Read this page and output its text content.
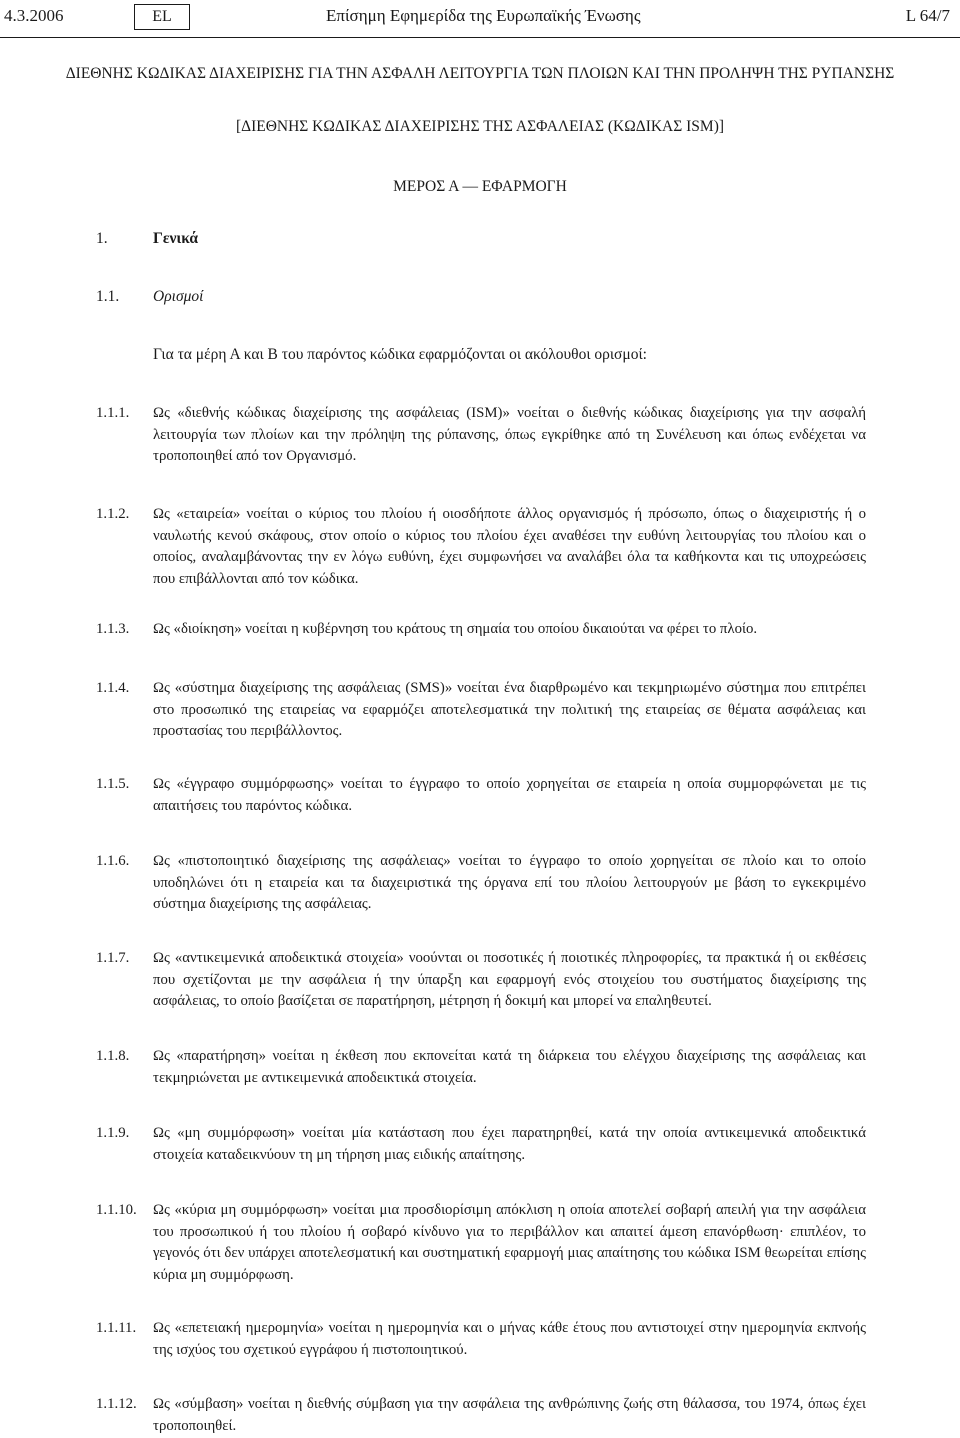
4.3.2006	EL	Επίσημη Εφημερίδα της Ευρωπαϊκής Ένωσης	L 64/7
ΔΙΕΘΝΗΣ ΚΩΔΙΚΑΣ ΔΙΑΧΕΙΡΙΣΗΣ ΓΙΑ ΤΗΝ ΑΣΦΑΛΗ ΛΕΙΤΟΥΡΓΙΑ ΤΩΝ ΠΛΟΙΩΝ ΚΑΙ ΤΗΝ ΠΡΟΛΗΨΗ ΤΗΣ ΡΥΠΑΝΣΗΣ
[ΔΙΕΘΝΗΣ ΚΩΔΙΚΑΣ ΔΙΑΧΕΙΡΙΣΗΣ ΤΗΣ ΑΣΦΑΛΕΙΑΣ (ΚΩΔΙΚΑΣ ISM)]
ΜΕΡΟΣ Α — ΕΦΑΡΜΟΓΗ
1.	Γενικά
1.1. Ορισμοί
Για τα μέρη Α και Β του παρόντος κώδικα εφαρμόζονται οι ακόλουθοι ορισμοί:
1.1.1. Ως «διεθνής κώδικας διαχείρισης της ασφάλειας (ISM)» νοείται ο διεθνής κώδικας διαχείρισης για την ασφαλή λειτουργία των πλοίων και την πρόληψη της ρύπανσης, όπως εγκρίθηκε από τη Συνέλευση και όπως ενδέχεται να τροποποιηθεί από τον Οργανισμό.
1.1.2. Ως «εταιρεία» νοείται ο κύριος του πλοίου ή οιοσδήποτε άλλος οργανισμός ή πρόσωπο, όπως ο διαχειριστής ή ο ναυλωτής κενού σκάφους, στον οποίο ο κύριος του πλοίου έχει αναθέσει την ευθύνη λειτουργίας του πλοίου και ο οποίος, αναλαμβάνοντας την εν λόγω ευθύνη, έχει συμφωνήσει να αναλάβει όλα τα καθήκοντα και τις υποχρεώσεις που επιβάλλονται από τον κώδικα.
1.1.3. Ως «διοίκηση» νοείται η κυβέρνηση του κράτους τη σημαία του οποίου δικαιούται να φέρει το πλοίο.
1.1.4. Ως «σύστημα διαχείρισης της ασφάλειας (SMS)» νοείται ένα διαρθρωμένο και τεκμηριωμένο σύστημα που επιτρέπει στο προσωπικό της εταιρείας να εφαρμόζει αποτελεσματικά την πολιτική της εταιρείας σε θέματα ασφάλειας και προστασίας του περιβάλλοντος.
1.1.5. Ως «έγγραφο συμμόρφωσης» νοείται το έγγραφο το οποίο χορηγείται σε εταιρεία η οποία συμμορφώνεται με τις απαιτήσεις του παρόντος κώδικα.
1.1.6. Ως «πιστοποιητικό διαχείρισης της ασφάλειας» νοείται το έγγραφο το οποίο χορηγείται σε πλοίο και το οποίο υποδηλώνει ότι η εταιρεία και τα διαχειριστικά της όργανα επί του πλοίου λειτουργούν με βάση το εγκεκριμένο σύστημα διαχείρισης της ασφάλειας.
1.1.7. Ως «αντικειμενικά αποδεικτικά στοιχεία» νοούνται οι ποσοτικές ή ποιοτικές πληροφορίες, τα πρακτικά ή οι εκθέσεις που σχετίζονται με την ασφάλεια ή την ύπαρξη και εφαρμογή ενός στοιχείου του συστήματος διαχείρισης της ασφάλειας, το οποίο βασίζεται σε παρατήρηση, μέτρηση ή δοκιμή και μπορεί να επαληθευτεί.
1.1.8. Ως «παρατήρηση» νοείται η έκθεση που εκπονείται κατά τη διάρκεια του ελέγχου διαχείρισης της ασφάλειας και τεκμηριώνεται με αντικειμενικά αποδεικτικά στοιχεία.
1.1.9. Ως «μη συμμόρφωση» νοείται μία κατάσταση που έχει παρατηρηθεί, κατά την οποία αντικειμενικά αποδεικτικά στοιχεία καταδεικνύουν τη μη τήρηση μιας ειδικής απαίτησης.
1.1.10. Ως «κύρια μη συμμόρφωση» νοείται μια προσδιορίσιμη απόκλιση η οποία αποτελεί σοβαρή απειλή για την ασφάλεια του προσωπικού ή του πλοίου ή σοβαρό κίνδυνο για το περιβάλλον και απαιτεί άμεση επανόρθωση· επιπλέον, το γεγονός ότι δεν υπάρχει αποτελεσματική και συστηματική εφαρμογή μιας απαίτησης του κώδικα ISM θεωρείται επίσης κύρια μη συμμόρφωση.
1.1.11. Ως «επετειακή ημερομηνία» νοείται η ημερομηνία και ο μήνας κάθε έτους που αντιστοιχεί στην ημερομηνία εκπνοής της ισχύος του σχετικού εγγράφου ή πιστοποιητικού.
1.1.12. Ως «σύμβαση» νοείται η διεθνής σύμβαση για την ασφάλεια της ανθρώπινης ζωής στη θάλασσα, του 1974, όπως έχει τροποποιηθεί.
